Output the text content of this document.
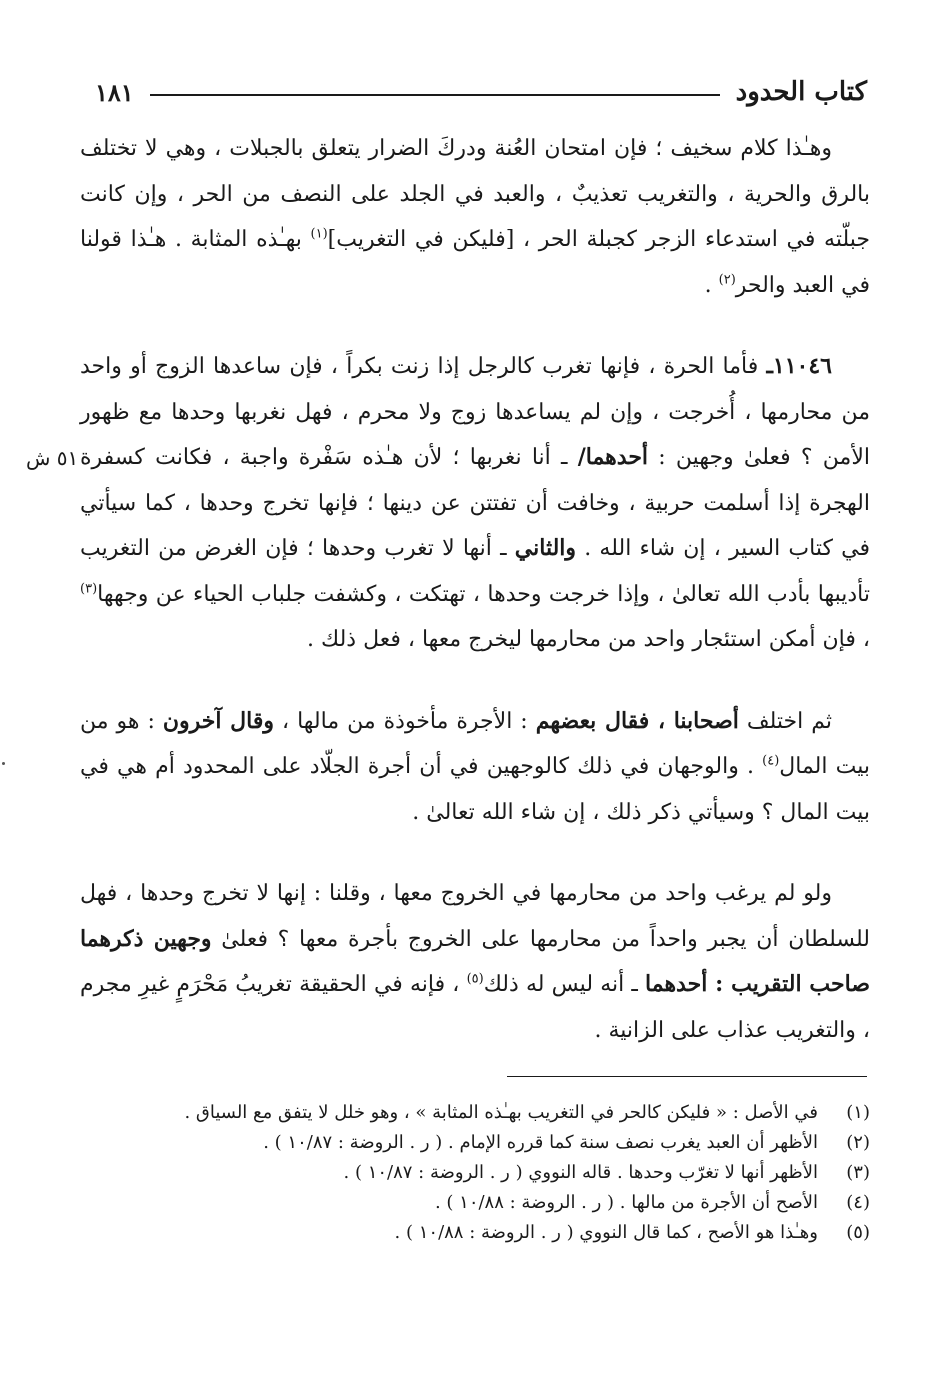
كتاب الحدود
١٨١
٥١ ش

وهـٰذا كلام سخيف ؛ فإن امتحان العُنة ودركَ الضرار يتعلق بالجبلات ، وهي لا تختلف بالرق والحرية ، والتغريب تعذيبٌ ، والعبد في الجلد على النصف من الحر ، وإن كانت جبلّته في استدعاء الزجر كجبلة الحر ، [فليكن في التغريب]$^{(١)}$ بهـٰذه المثابة . هـٰذا قولنا في العبد والحر$^{(٢)}$ .

١١٠٤٦ـ فأما الحرة ، فإنها تغرب كالرجل إذا زنت بكراً ، فإن ساعدها الزوج أو واحد من محارمها ، أُخرجت ، وإن لم يساعدها زوج ولا محرم ، فهل نغربها وحدها مع ظهور الأمن ؟ فعلىٰ وجهين : أحدهما/ ـ أنا نغربها ؛ لأن هـٰذه سَفْرة واجبة ، فكانت كسفرة الهجرة إذا أسلمت حربية ، وخافت أن تفتتن عن دينها ؛ فإنها تخرج وحدها ، كما سيأتي في كتاب السير ، إن شاء الله . والثاني ـ أنها لا تغرب وحدها ؛ فإن الغرض من التغريب تأديبها بأدب الله تعالىٰ ، وإذا خرجت وحدها ، تهتكت ، وكشفت جلباب الحياء عن وجهها$^{(٣)}$ ، فإن أمكن استئجار واحد من محارمها ليخرج معها ، فعل ذلك .

ثم اختلف أصحابنا ، فقال بعضهم : الأجرة مأخوذة من مالها ، وقال آخرون : هو من بيت المال$^{(٤)}$ . والوجهان في ذلك كالوجهين في أن أجرة الجلّاد على المحدود أم هي في بيت المال ؟ وسيأتي ذكر ذلك ، إن شاء الله تعالىٰ .

ولو لم يرغب واحد من محارمها في الخروج معها ، وقلنا : إنها لا تخرج وحدها ، فهل للسلطان أن يجبر واحداً من محارمها على الخروج بأجرة معها ؟ فعلىٰ وجهين ذكرهما صاحب التقريب : أحدهما ـ أنه ليس له ذلك$^{(٥)}$ ، فإنه في الحقيقة تغريبُ مَحْرَمٍ غيرِ مجرم ، والتغريب عذاب على الزانية .

(١)
في الأصل : « فليكن كالحر في التغريب بهـٰذه المثابة » ، وهو خلل لا يتفق مع السياق .
(٢)
الأظهر أن العبد يغرب نصف سنة كما قرره الإمام . ( ر . الروضة : ١٠/٨٧ ) .
(٣)
الأظهر أنها لا تغرّب وحدها . قاله النووي ( ر . الروضة : ١٠/٨٧ ) .
(٤)
الأصح أن الأجرة من مالها . ( ر . الروضة : ١٠/٨٨ ) .
(٥)
وهـٰذا هو الأصح ، كما قال النووي ( ر . الروضة : ١٠/٨٨ ) .
